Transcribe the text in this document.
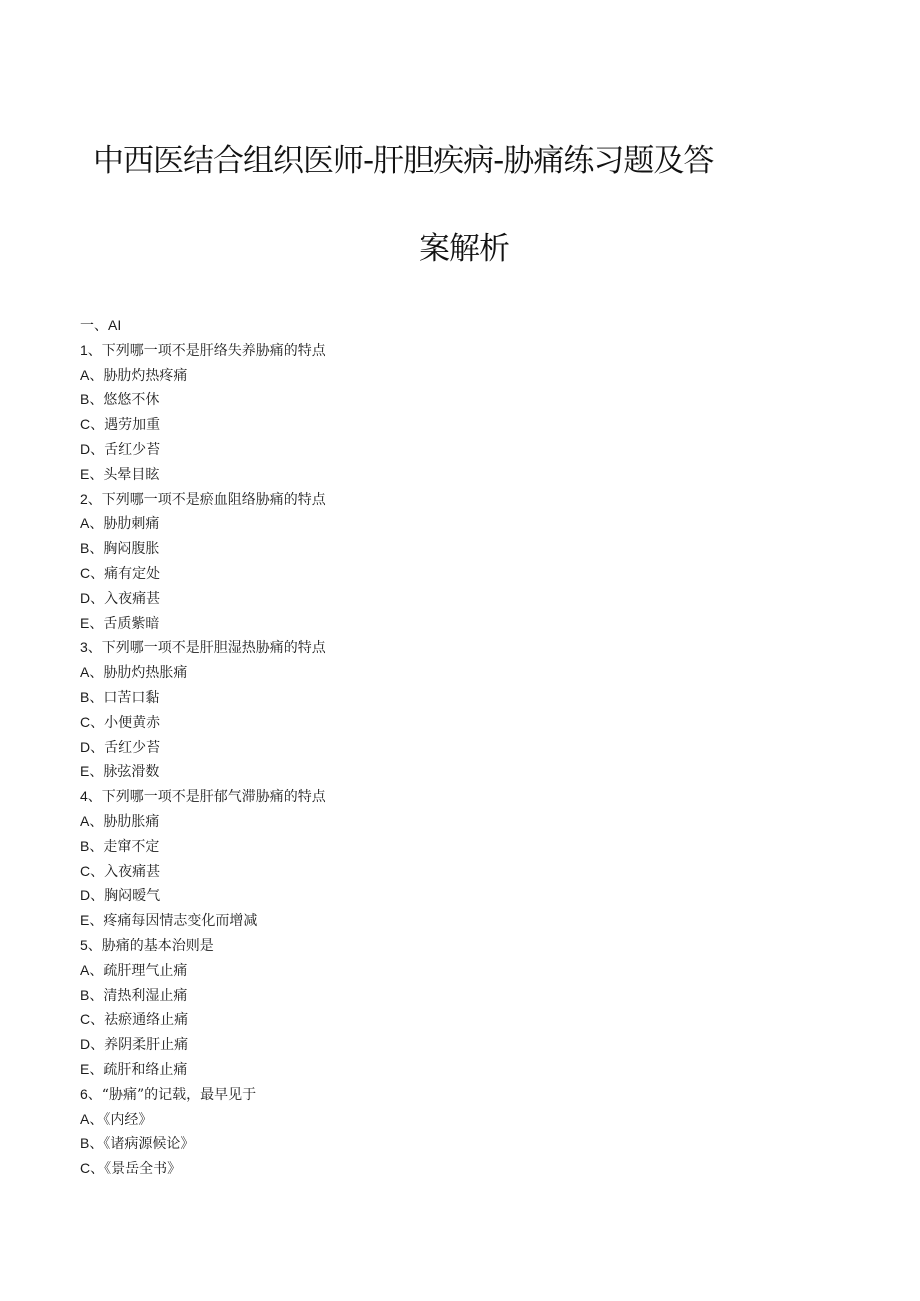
中西医结合组织医师-肝胆疾病-胁痛练习题及答
案解析
一、AI
1、下列哪一项不是肝络失养胁痛的特点
A、胁肋灼热疼痛
B、悠悠不休
C、遇劳加重
D、舌红少苔
E、头晕目眩
2、下列哪一项不是瘀血阻络胁痛的特点
A、胁肋刺痛
B、胸闷腹胀
C、痛有定处
D、入夜痛甚
E、舌质紫暗
3、下列哪一项不是肝胆湿热胁痛的特点
A、胁肋灼热胀痛
B、口苦口黏
C、小便黄赤
D、舌红少苔
E、脉弦滑数
4、下列哪一项不是肝郁气滞胁痛的特点
A、胁肋胀痛
B、走窜不定
C、入夜痛甚
D、胸闷暧气
E、疼痛每因情志变化而增减
5、胁痛的基本治则是
A、疏肝理气止痛
B、清热利湿止痛
C、祛瘀通络止痛
D、养阴柔肝止痛
E、疏肝和络止痛
6、“胁痛”的记载，最早见于
A、《内经》
B、《诸病源候论》
C、《景岳全书》
